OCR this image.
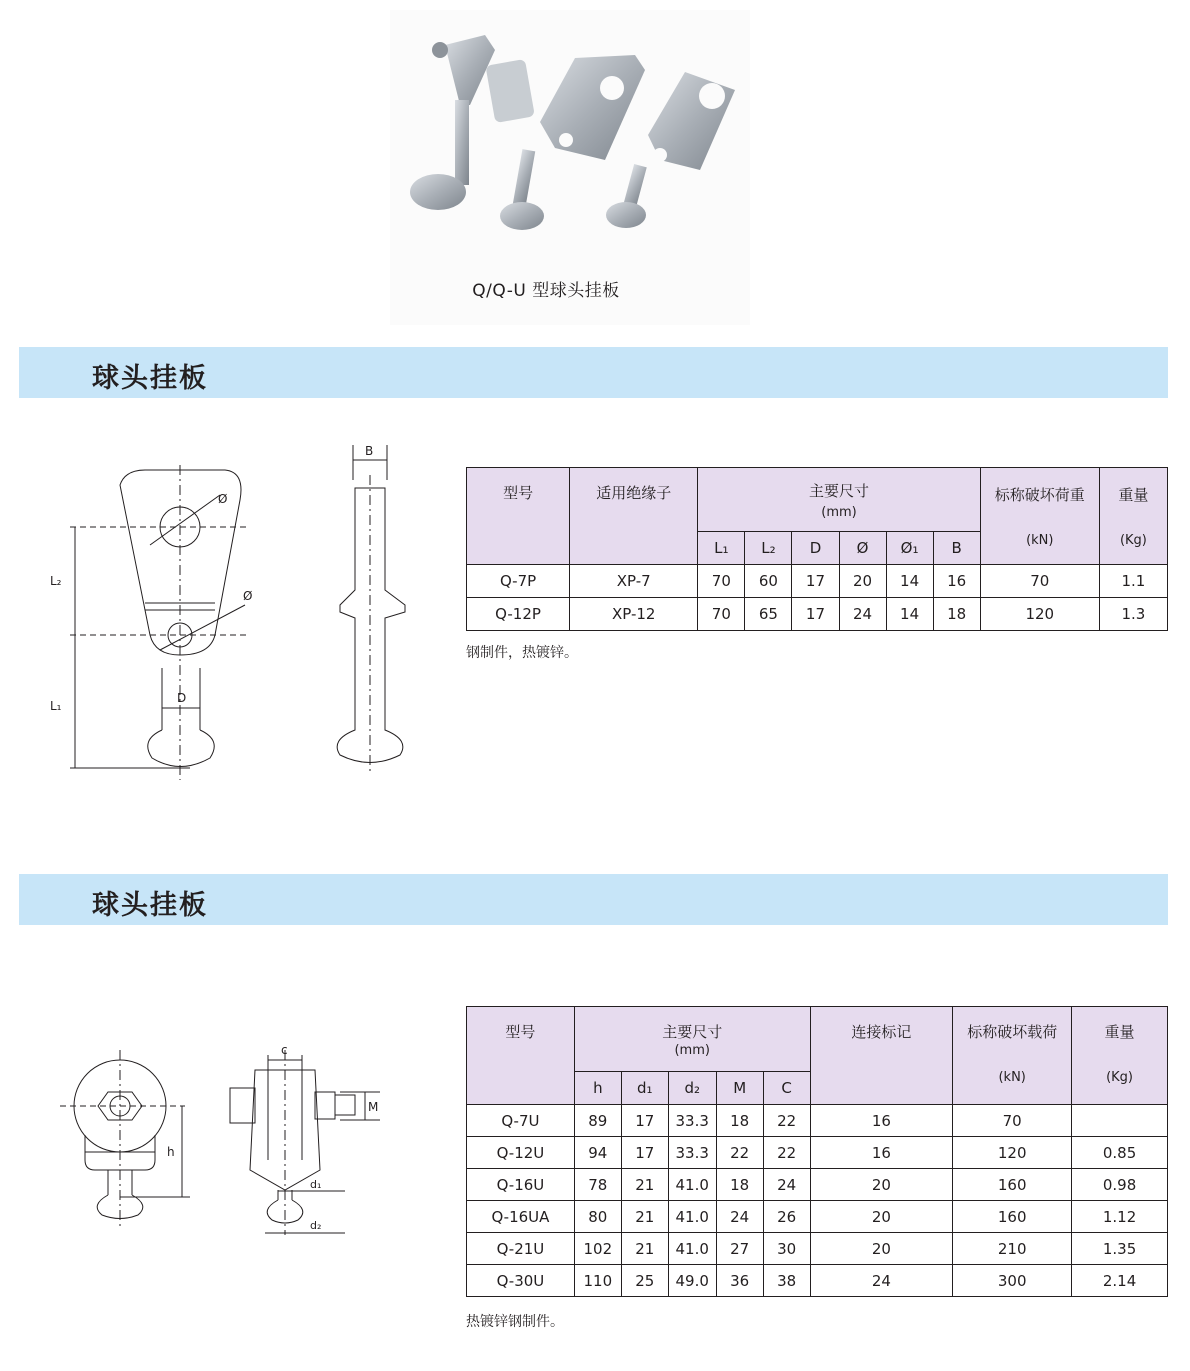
Q/Q-U 型球头挂板
球头挂板
L₂
L₁
Ø
Ø
D
B
型号	适用绝缘子	主要尺寸
(mm)						标称破坏荷重
(kN)	重量
(Kg)

		L₁	L₂	D	Ø	Ø₁	B		
Q-7P	XP-7	70	60	17	20	14	16	70	1.1
Q-12P	XP-12	70	65	17	24	14	18	120	1.3
钢制件，热镀锌。
球头挂板
h
c
M
d₁
d₂
型号	主要尺寸
(mm)					连接标记	标称破坏载荷
(kN)	重量
(Kg)

	h	d₁	d₂	M	C			
Q-7U	89	17	33.3	18	22	16	70	
Q-12U	94	17	33.3	22	22	16	120	0.85
Q-16U	78	21	41.0	18	24	20	160	0.98
Q-16UA	80	21	41.0	24	26	20	160	1.12
Q-21U	102	21	41.0	27	30	20	210	1.35
Q-30U	110	25	49.0	36	38	24	300	2.14
热镀锌钢制件。
